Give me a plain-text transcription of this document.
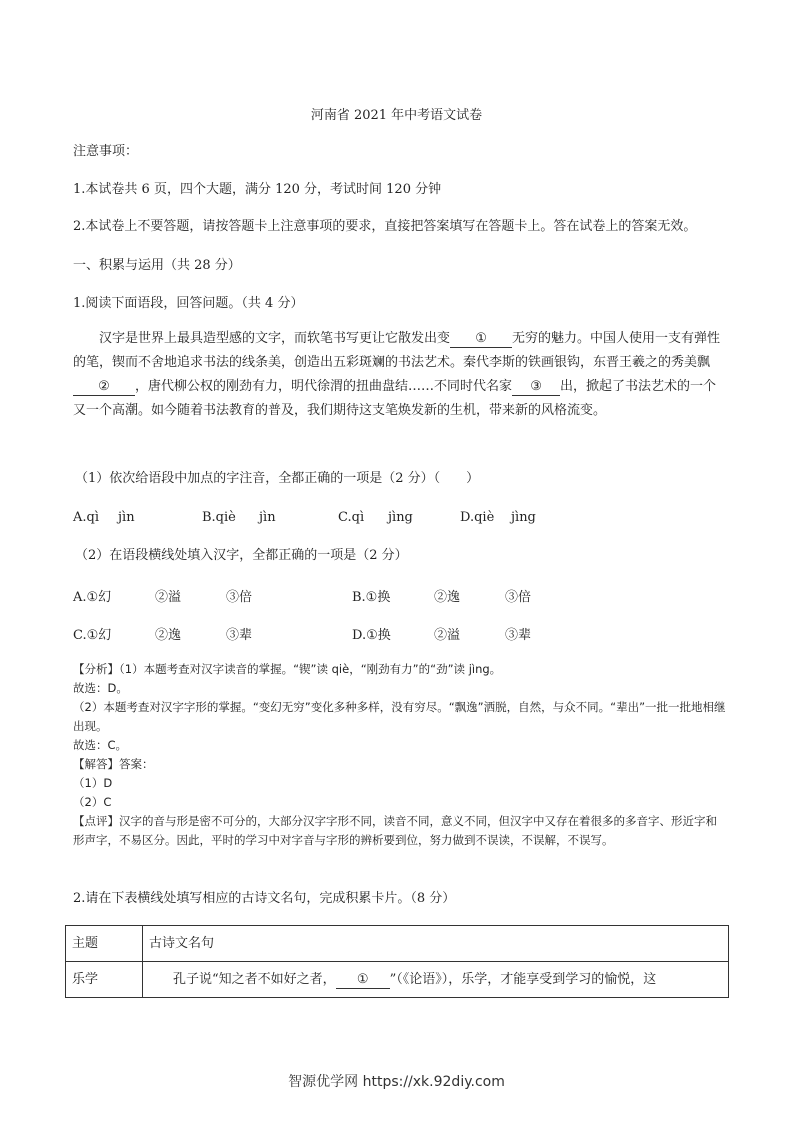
河南省 2021 年中考语文试卷
注意事项：
1.本试卷共 6 页，四个大题，满分 120 分，考试时间 120 分钟
2.本试卷上不要答题，请按答题卡上注意事项的要求，直接把答案填写在答题卡上。答在试卷上的答案无效。
一、积累与运用（共 28 分）
1.阅读下面语段，回答问题。（共 4 分）
汉字是世界上最具造型感的文字，而软笔书写更让它散发出变 ① 无穷的魅力。中国人使用一支有弹性的笔，锲而不舍地追求书法的线条美，创造出五彩斑斓的书法艺术。秦代李斯的铁画银钩，东晋王羲之的秀美飘② ，唐代柳公权的刚劲有力，明代徐渭的扭曲盘结……不同时代名家 ③ 出，掀起了书法艺术的一个又一个高潮。如今随着书法教育的普及，我们期待这支笔焕发新的生机，带来新的风格流变。
（1）依次给语段中加点的字注音，全都正确的一项是（2 分）（　　）
A.qì jìn	B.qiè jìn	C.qì jìng	D.qiè jìng
（2）在语段横线处填入汉字，全都正确的一项是（2 分）
A.①幻	②溢	③倍	B.①换	②逸	③倍
C.①幻	②逸	③辈	D.①换	②溢	③辈
【分析】（1）本题考查对汉字读音的掌握。“锲”读 qiè，“刚劲有力”的“劲”读 jìng。
故选：D。
（2）本题考查对汉字字形的掌握。“变幻无穷”变化多种多样，没有穷尽。“飘逸”洒脱，自然，与众不同。“辈出”一批一批地相继出现。
故选：C。
【解答】答案：
（1）D
（2）C
【点评】汉字的音与形是密不可分的，大部分汉字字形不同，读音不同，意义不同，但汉字中又存在着很多的多音字、形近字和形声字，不易区分。因此，平时的学习中对字音与字形的辨析要到位，努力做到不误读，不误解，不误写。
2.请在下表横线处填写相应的古诗文名句，完成积累卡片。（8 分）
主题	古诗文名句
乐学	孔子说“知之者不如好之者， ① ”（《论语》），乐学，才能享受到学习的愉悦，这
智源优学网 https://xk.92diy.com
